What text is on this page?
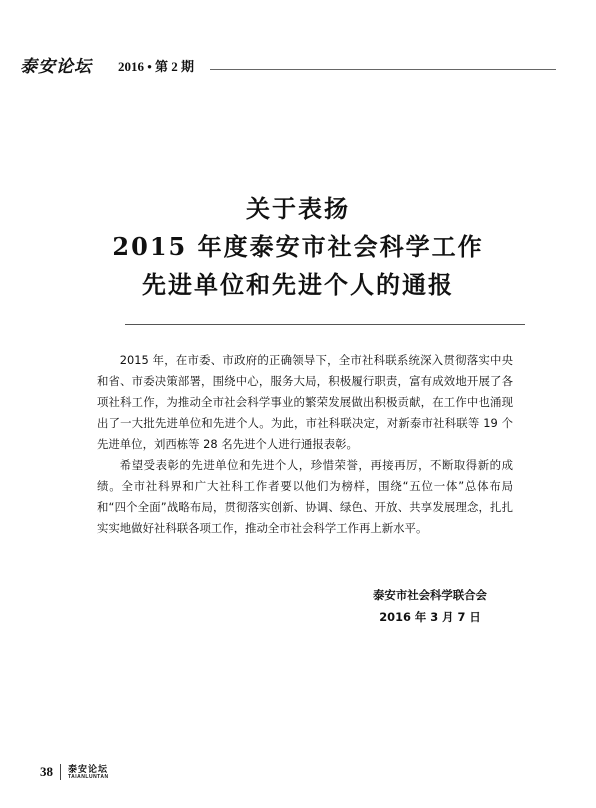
泰安论坛 2016 • 第 2 期
关于表扬
2015 年度泰安市社会科学工作
先进单位和先进个人的通报

2015 年，在市委、市政府的正确领导下，全市社科联系统深入贯彻落实中央和省、市委决策部署，围绕中心，服务大局，积极履行职责，富有成效地开展了各项社科工作，为推动全市社会科学事业的繁荣发展做出积极贡献，在工作中也涌现出了一大批先进单位和先进个人。为此，市社科联决定，对新泰市社科联等 19 个先进单位，刘西栋等 28 名先进个人进行通报表彰。

希望受表彰的先进单位和先进个人，珍惜荣誉，再接再厉，不断取得新的成绩。全市社科界和广大社科工作者要以他们为榜样，围绕“五位一体”总体布局和“四个全面”战略布局，贯彻落实创新、协调、绿色、开放、共享发展理念，扎扎实实地做好社科联各项工作，推动全市社会科学工作再上新水平。

泰安市社会科学联合会
2016 年 3 月 7 日
38 泰安论坛
TAIANLUNTAN
